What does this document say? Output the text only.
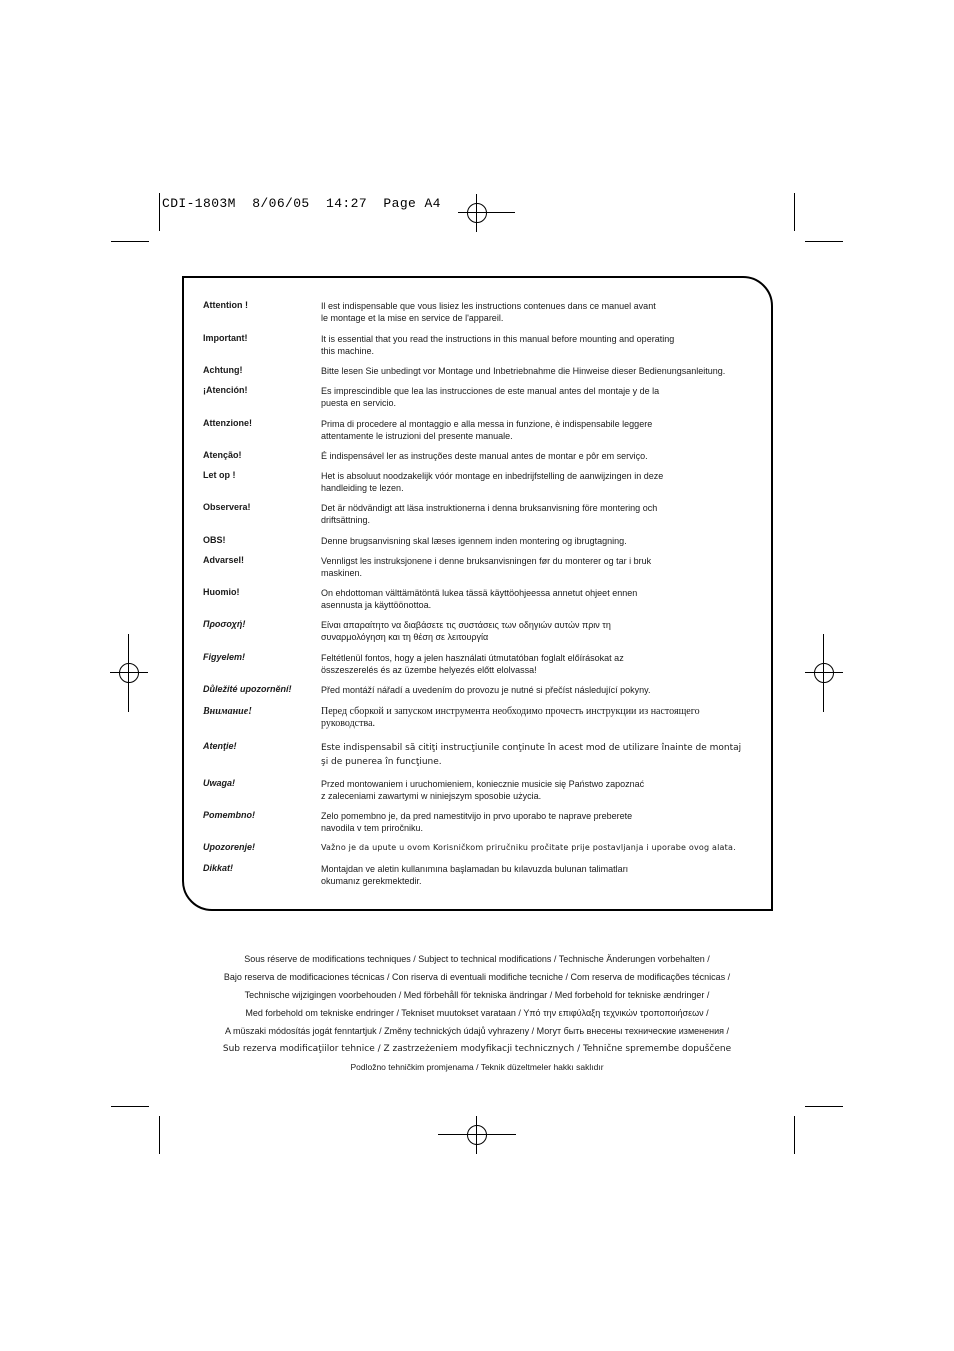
CDI-1803M  8/06/05  14:27  Page A4
Attention !	Il est indispensable que vous lisiez les instructions contenues dans ce manuel avant
le montage et la mise en service de l'appareil.
Important!	It is essential that you read the instructions in this manual before mounting and operating
this machine.
Achtung!	Bitte lesen Sie unbedingt vor Montage und Inbetriebnahme die Hinweise dieser Bedienungsanleitung.
¡Atención!	Es imprescindible que lea las instrucciones de este manual antes del montaje y de la
puesta en servicio.
Attenzione!	Prima di procedere al montaggio e alla messa in funzione, è indispensabile leggere
attentamente le istruzioni del presente manuale.
Atenção!	É indispensável ler as instruções deste manual antes de montar e pôr em serviço.
Let op !	Het is absoluut noodzakelijk vóór montage en inbedrijfstelling de aanwijzingen in deze
handleiding te lezen.
Observera!	Det är nödvändigt att läsa instruktionerna i denna bruksanvisning före montering och
driftsättning.
OBS!	Denne brugsanvisning skal læses igennem inden montering og ibrugtagning.
Advarsel!	Vennligst les instruksjonene i denne bruksanvisningen før du monterer og tar i bruk
maskinen.
Huomio!	On ehdottoman välttämätöntä lukea tässä käyttöohjeessa annetut ohjeet ennen
asennusta ja käyttöönottoa.
Προσοχή!	Είναι απαραίτητο να διαβάσετε τις συστάσεις των οδηγιών αυτών πριν τη
συναρμολόγηση και τη θέση σε λειτουργία
Figyelem!	Feltétlenül fontos, hogy a jelen használati útmutatóban foglalt előírásokat az
összeszerelés és az üzembe helyezés előtt elolvassa!
Důležité upozornění!	Před montáží nářadí a uvedením do provozu je nutné si přečíst následující pokyny.
Внимание!	Перед сборкой и запуском инструмента необходимо прочесть инструкции из настоящего
руководства.
Atenţie!	Este indispensabil să citiţi instrucţiunile conţinute în acest mod de utilizare înainte de montaj
şi de punerea în funcţiune.
Uwaga!	Przed montowaniem i uruchomieniem, koniecznie musicie się Państwo zapoznać
z zaleceniami zawartymi w niniejszym sposobie użycia.
Pomembno!	Zelo pomembno je, da pred namestitvijo in prvo uporabo te naprave preberete
navodila v tem priročniku.
Upozorenje!	Važno je da upute u ovom Korisničkom priručniku pročitate prije postavljanja i uporabe ovog alata.
Dikkat!	Montajdan ve aletin kullanımına başlamadan bu kılavuzda bulunan talimatları
okumanız gerekmektedir.
Sous réserve de modifications techniques / Subject to technical modifications / Technische Änderungen vorbehalten /
Bajo reserva de modificaciones técnicas / Con riserva di eventuali modifiche tecniche / Com reserva de modificações técnicas /
Technische wijzigingen voorbehouden / Med förbehåll för tekniska ändringar / Med forbehold for tekniske ændringer /
Med forbehold om tekniske endringer / Tekniset muutokset varataan / Υπό την επιφύλαξη τεχνικών τροποποιήσεων /
A müszaki módosítás jogát fenntartjuk / Změny technických údajů vyhrazeny / Могут быть внесены технические изменения /
Sub rezerva modificaţiilor tehnice / Z zastrzeżeniem modyfikacji technicznych / Tehnične spremembe dopuščene
Podložno tehničkim promjenama / Teknik düzeltmeler hakkı saklıdır
